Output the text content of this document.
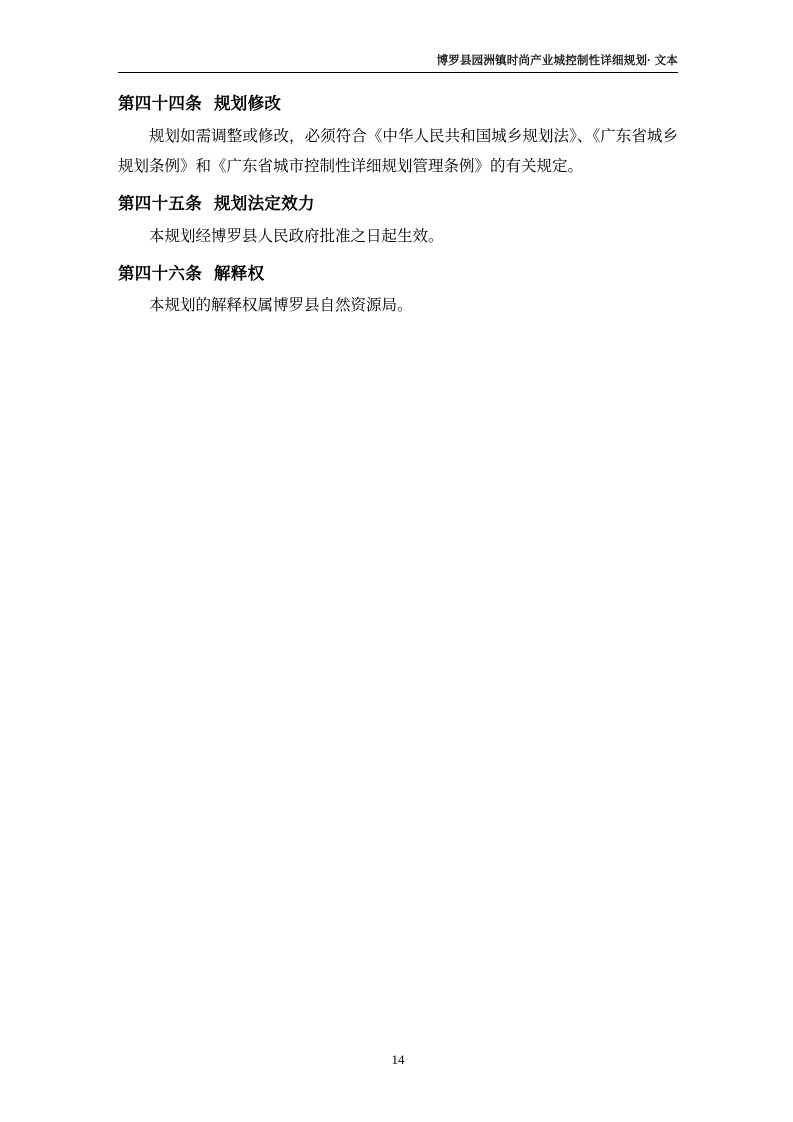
博罗县园洲镇时尚产业城控制性详细规划· 文本
第四十四条 规划修改

规划如需调整或修改，必须符合《中华人民共和国城乡规划法》、《广东省城乡规划条例》和《广东省城市控制性详细规划管理条例》的有关规定。

第四十五条 规划法定效力

本规划经博罗县人民政府批准之日起生效。

第四十六条 解释权

本规划的解释权属博罗县自然资源局。

14
